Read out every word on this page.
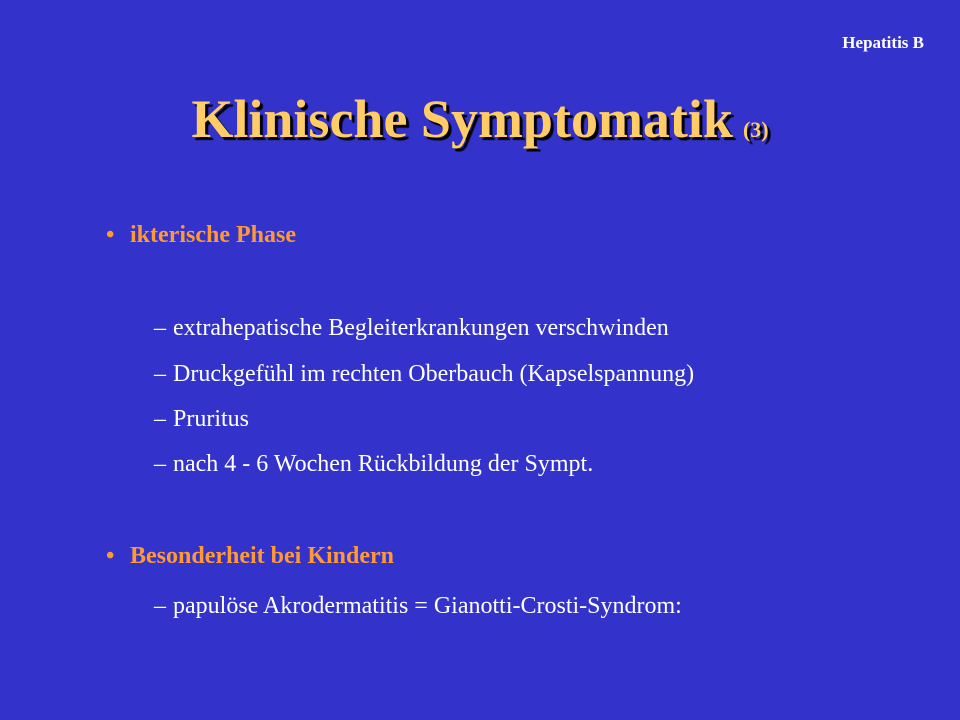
Hepatitis B
Klinische Symptomatik (3)
• ikterische Phase
– extrahepatische Begleiterkrankungen verschwinden
– Druckgefühl im rechten Oberbauch (Kapselspannung)
– Pruritus
– nach 4 - 6 Wochen Rückbildung der Sympt.
• Besonderheit bei Kindern
– papulöse Akrodermatitis = Gianotti-Crosti-Syndrom:
